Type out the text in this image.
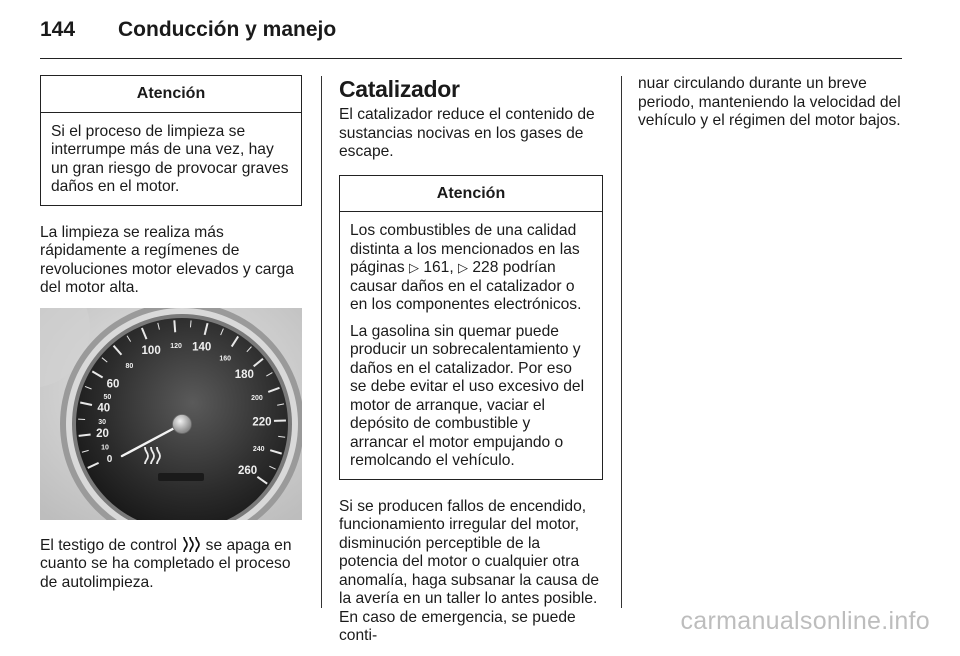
144 Conducción y manejo
Atención

Si el proceso de limpieza se interrumpe más de una vez, hay un gran riesgo de provocar graves daños en el motor.

La limpieza se realiza más rápidamente a regímenes de revoluciones motor elevados y carga del motor alta.

0
10
20
30
40
50
60
80
100 120 140
160
180
200
220
240
260

El testigo de control se apaga en cuanto se ha completado el proceso de autolimpieza.

Catalizador

El catalizador reduce el contenido de sustancias nocivas en los gases de escape.

Atención

Los combustibles de una calidad distinta a los mencionados en las páginas ▷ 161, ▷ 228 podrían causar daños en el catalizador o en los componentes electrónicos.

La gasolina sin quemar puede producir un sobrecalentamiento y daños en el catalizador. Por eso se debe evitar el uso excesivo del motor de arranque, vaciar el depósito de combustible y arrancar el motor empujando o remolcando el vehículo.

Si se producen fallos de encendido, funcionamiento irregular del motor, disminución perceptible de la potencia del motor o cualquier otra anomalía, haga subsanar la causa de la avería en un taller lo antes posible. En caso de emergencia, se puede conti-

nuar circulando durante un breve periodo, manteniendo la velocidad del vehículo y el régimen del motor bajos.

carmanualsonline.info
